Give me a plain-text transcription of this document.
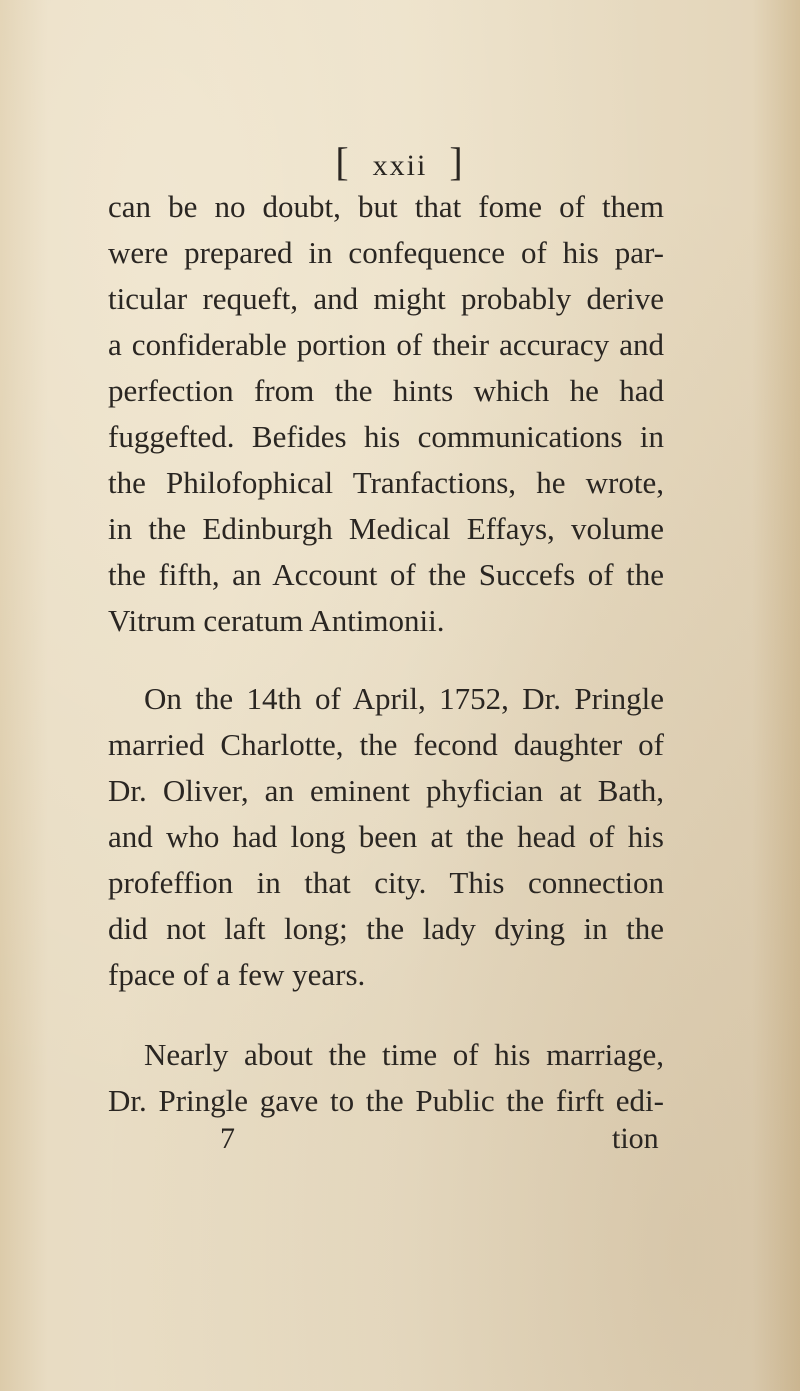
[ xxii ]
can be no doubt, but that fome of them
were prepared in confequence of his par-
ticular requeft, and might probably derive
a confiderable portion of their accuracy and
perfection from the hints which he had
fuggefted. Befides his communications in
the Philofophical Tranfactions, he wrote,
in the Edinburgh Medical Effays, volume
the fifth, an Account of the Succefs of the
Vitrum ceratum Antimonii.
On the 14th of April, 1752, Dr. Pringle
married Charlotte, the fecond daughter of
Dr. Oliver, an eminent phyfician at Bath,
and who had long been at the head of his
profeffion in that city. This connection
did not laft long; the lady dying in the
fpace of a few years.
Nearly about the time of his marriage,
Dr. Pringle gave to the Public the firft edi-
7	tion
